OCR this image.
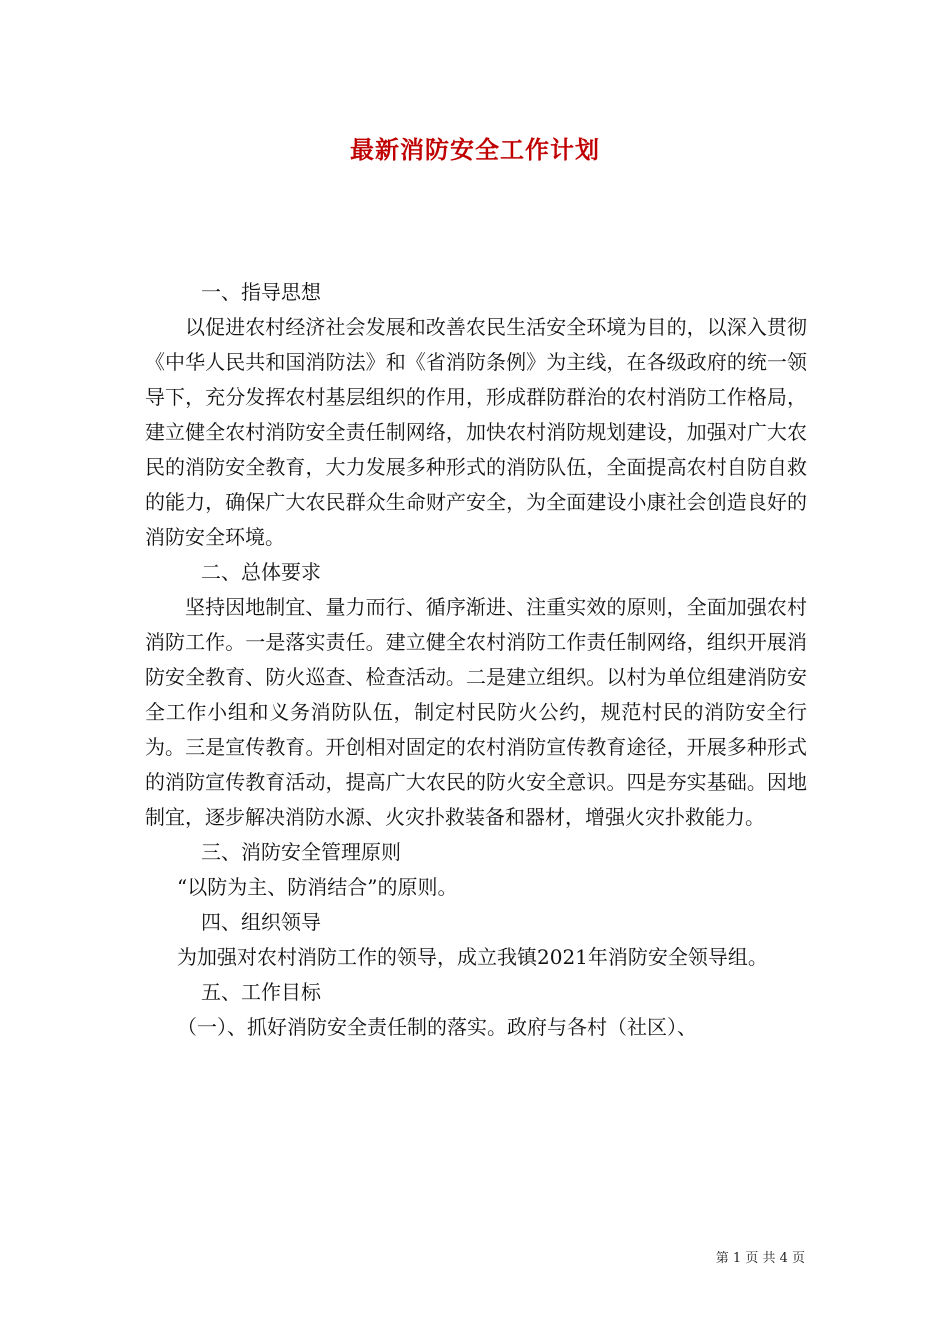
最新消防安全工作计划

一、指导思想

以促进农村经济社会发展和改善农民生活安全环境为目的，以深入贯彻《中华人民共和国消防法》和《省消防条例》为主线，在各级政府的统一领导下，充分发挥农村基层组织的作用，形成群防群治的农村消防工作格局，建立健全农村消防安全责任制网络，加快农村消防规划建设，加强对广大农民的消防安全教育，大力发展多种形式的消防队伍，全面提高农村自防自救的能力，确保广大农民群众生命财产安全，为全面建设小康社会创造良好的消防安全环境。

二、总体要求

坚持因地制宜、量力而行、循序渐进、注重实效的原则，全面加强农村消防工作。一是落实责任。建立健全农村消防工作责任制网络，组织开展消防安全教育、防火巡查、检查活动。二是建立组织。以村为单位组建消防安全工作小组和义务消防队伍，制定村民防火公约，规范村民的消防安全行为。三是宣传教育。开创相对固定的农村消防宣传教育途径，开展多种形式的消防宣传教育活动，提高广大农民的防火安全意识。四是夯实基础。因地制宜，逐步解决消防水源、火灾扑救装备和器材，增强火灾扑救能力。

三、消防安全管理原则

“以防为主、防消结合”的原则。

四、组织领导

为加强对农村消防工作的领导，成立我镇2021年消防安全领导组。

五、工作目标

（一）、抓好消防安全责任制的落实。政府与各村（社区）、

第 1 页 共 4 页
